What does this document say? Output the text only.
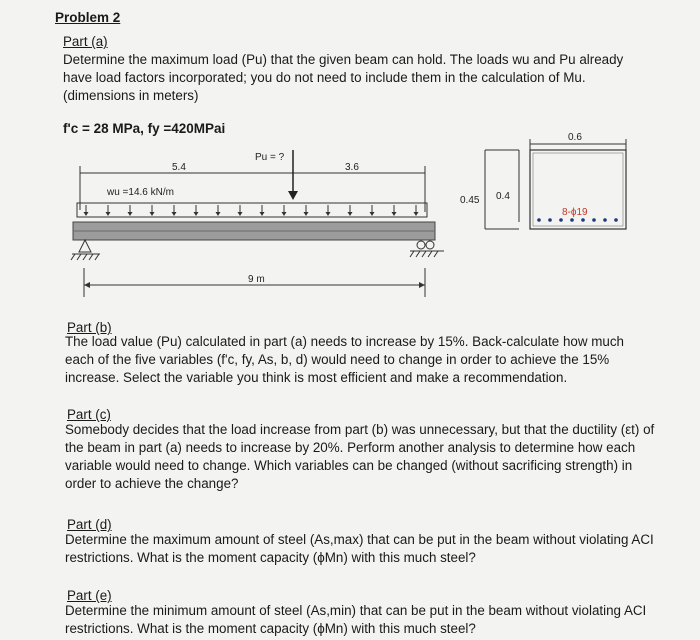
Problem 2
Part (a)
Determine the maximum load (Pu) that the given beam can hold. The loads wu and Pu already have load factors incorporated; you do not need to include them in the calculation of Mu. (dimensions in meters)
f'c = 28 MPa, fy =420MPai
5.4	3.6
Pu = ?
wu =14.6 kN/m
9 m
0.45 0.4
0.6
8-ϕ19
Part (b)
The load value (Pu) calculated in part (a) needs to increase by 15%. Back-calculate how much each of the five variables (f'c, fy, As, b, d) would need to change in order to achieve the 15% increase. Select the variable you think is most efficient and make a recommendation.
Part (c)
Somebody decides that the load increase from part (b) was unnecessary, but that the ductility (εt) of the beam in part (a) needs to increase by 20%. Perform another analysis to determine how each variable would need to change. Which variables can be changed (without sacrificing strength) in order to achieve the change?
Part (d)
Determine the maximum amount of steel (As,max) that can be put in the beam without violating ACI restrictions. What is the moment capacity (ϕMn) with this much steel?
Part (e)
Determine the minimum amount of steel (As,min) that can be put in the beam without violating ACI restrictions. What is the moment capacity (ϕMn) with this much steel?
